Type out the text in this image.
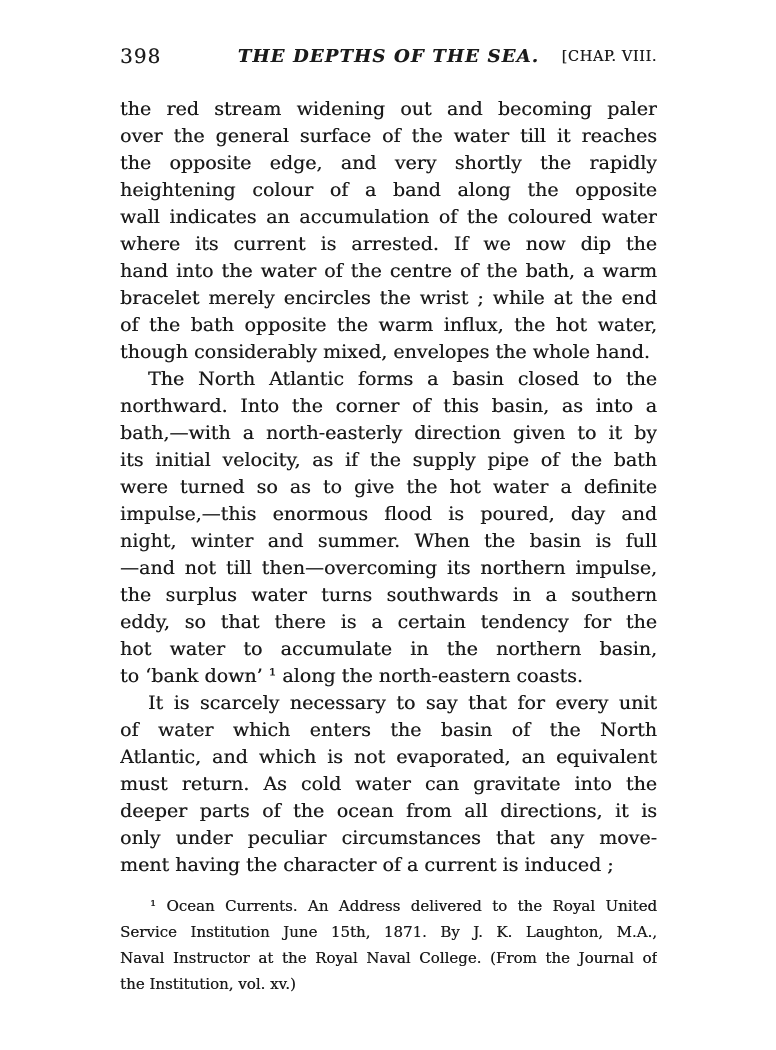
398	THE DEPTHS OF THE SEA. [CHAP. VIII.
the red stream widening out and becoming paler
over the general surface of the water till it reaches
the opposite edge, and very shortly the rapidly
heightening colour of a band along the opposite
wall indicates an accumulation of the coloured water
where its current is arrested. If we now dip the
hand into the water of the centre of the bath, a warm
bracelet merely encircles the wrist ; while at the end
of the bath opposite the warm influx, the hot water,
though considerably mixed, envelopes the whole hand.
The North Atlantic forms a basin closed to the
northward. Into the corner of this basin, as into a
bath,—with a north-easterly direction given to it by
its initial velocity, as if the supply pipe of the bath
were turned so as to give the hot water a definite
impulse,—this enormous flood is poured, day and
night, winter and summer. When the basin is full
—and not till then—overcoming its northern impulse,
the surplus water turns southwards in a southern
eddy, so that there is a certain tendency for the
hot water to accumulate in the northern basin,
to ‘bank down’ ¹ along the north-eastern coasts.
It is scarcely necessary to say that for every unit
of water which enters the basin of the North
Atlantic, and which is not evaporated, an equivalent
must return. As cold water can gravitate into the
deeper parts of the ocean from all directions, it is
only under peculiar circumstances that any move-
ment having the character of a current is induced ;
¹ Ocean Currents. An Address delivered to the Royal United
Service Institution June 15th, 1871. By J. K. Laughton, M.A.,
Naval Instructor at the Royal Naval College. (From the Journal of
the Institution, vol. xv.)
